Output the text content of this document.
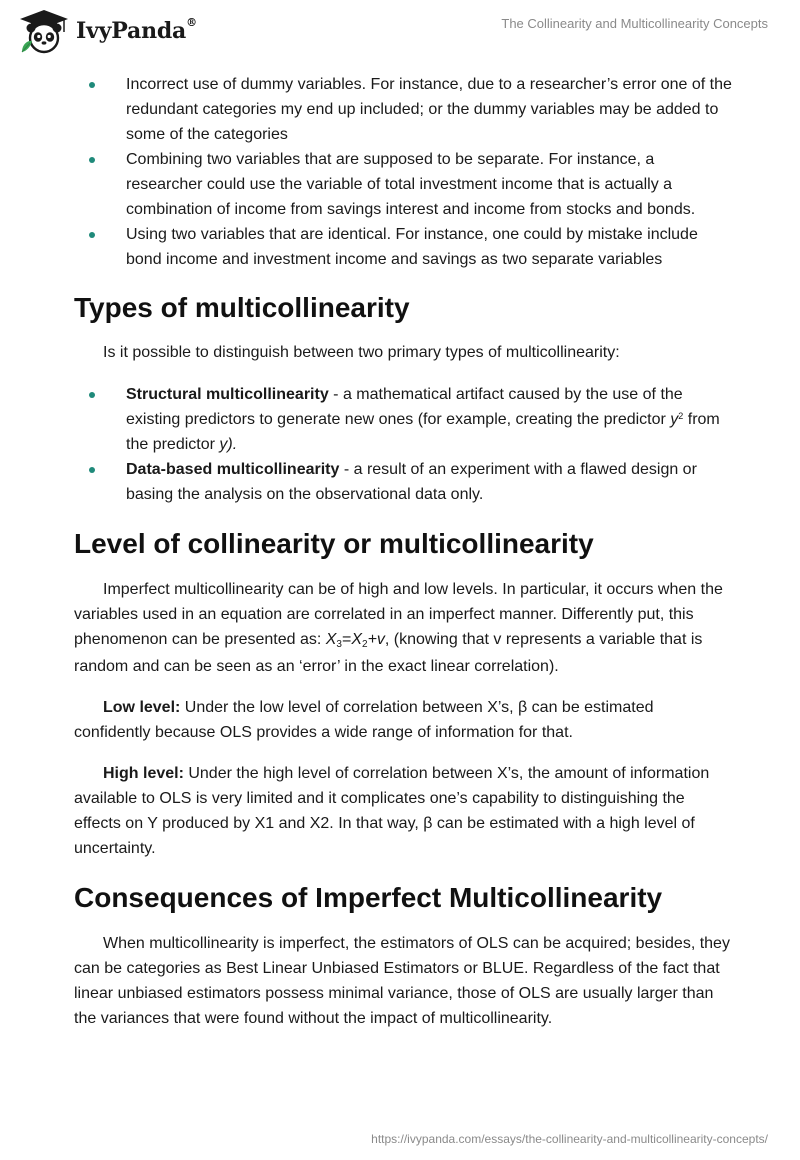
IvyPanda®	The Collinearity and Multicollinearity Concepts
Incorrect use of dummy variables. For instance, due to a researcher’s error one of the redundant categories my end up included; or the dummy variables may be added to some of the categories
Combining two variables that are supposed to be separate. For instance, a researcher could use the variable of total investment income that is actually a combination of income from savings interest and income from stocks and bonds.
Using two variables that are identical. For instance, one could by mistake include bond income and investment income and savings as two separate variables
Types of multicollinearity

Is it possible to distinguish between two primary types of multicollinearity:

Structural multicollinearity - a mathematical artifact caused by the use of the existing predictors to generate new ones (for example, creating the predictor $y^2$ from the predictor y).
Data-based multicollinearity - a result of an experiment with a flawed design or basing the analysis on the observational data only.
Level of collinearity or multicollinearity

Imperfect multicollinearity can be of high and low levels. In particular, it occurs when the variables used in an equation are correlated in an imperfect manner. Differently put, this phenomenon can be presented as: X3=X2+v, (knowing that v represents a variable that is random and can be seen as an ‘error’ in the exact linear correlation).

Low level: Under the low level of correlation between X’s, β can be estimated confidently because OLS provides a wide range of information for that.

High level: Under the high level of correlation between X’s, the amount of information available to OLS is very limited and it complicates one’s capability to distinguishing the effects on Y produced by X1 and X2. In that way, β can be estimated with a high level of uncertainty.

Consequences of Imperfect Multicollinearity

When multicollinearity is imperfect, the estimators of OLS can be acquired; besides, they can be categories as Best Linear Unbiased Estimators or BLUE. Regardless of the fact that linear unbiased estimators possess minimal variance, those of OLS are usually larger than the variances that were found without the impact of multicollinearity.

https://ivypanda.com/essays/the-collinearity-and-multicollinearity-concepts/
